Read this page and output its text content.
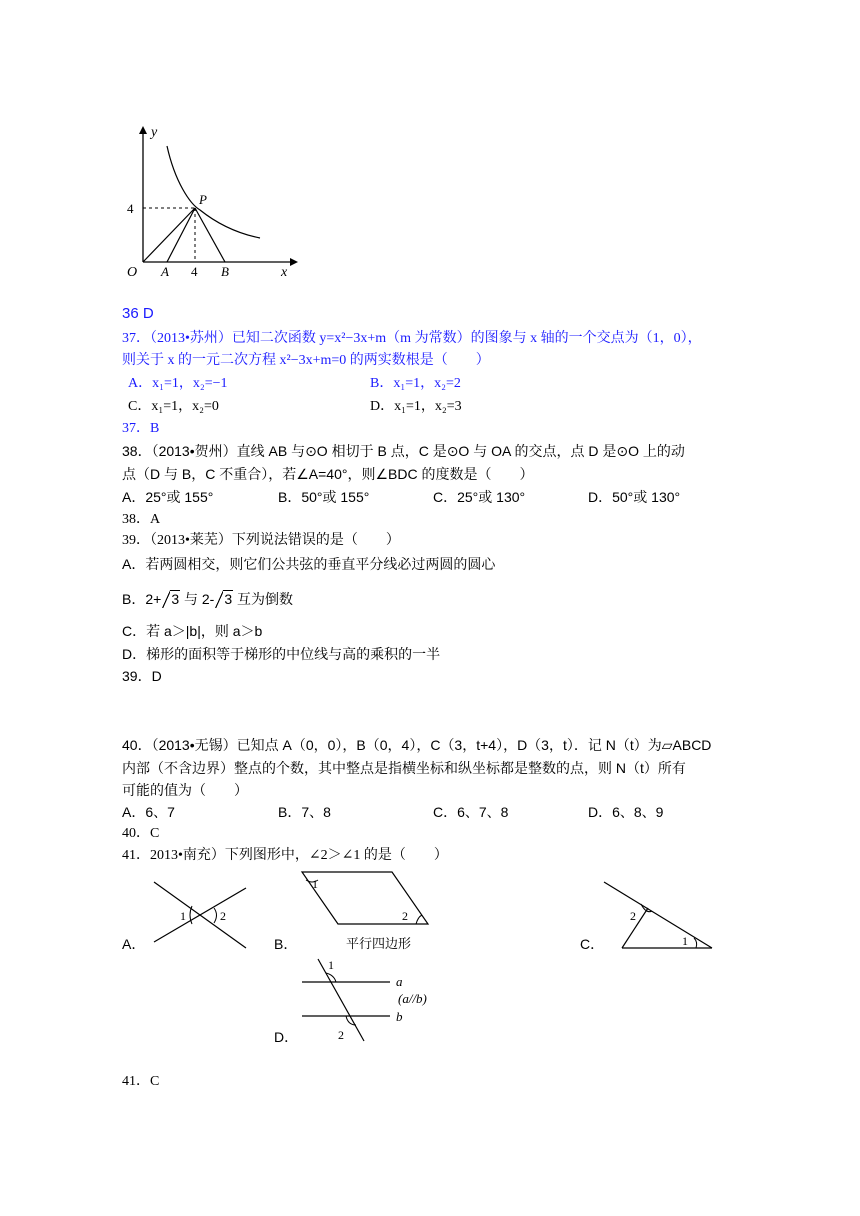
y
x
O
4
A 4 B
P
36 D
37．（2013•苏州）已知二次函数 y=x²−3x+m（m 为常数）的图象与 x 轴的一个交点为（1，0），
则关于 x 的一元二次方程 x²−3x+m=0 的两实数根是（　　）
A．x₁=1，x₂=−1	B．x₁=1，x₂=2
C．x₁=1，x₂=0	D．x₁=1，x₂=3
37．B
38．（2013•贺州）直线 AB 与⊙O 相切于 B 点，C 是⊙O 与 OA 的交点，点 D 是⊙O 上的动
点（D 与 B，C 不重合），若∠A=40°，则∠BDC 的度数是（　　）
A．25°或 155°	B．50°或 155°	C．25°或 130°	D．50°或 130°
38．A
39．（2013•莱芜）下列说法错误的是（　　）
A．若两圆相交，则它们公共弦的垂直平分线必过两圆的圆心
B．2+ 3 与 2- 3 互为倒数
C．若 a＞|b|，则 a＞b
D．梯形的面积等于梯形的中位线与高的乘积的一半
39．D
40．（2013•无锡）已知点 A（0，0），B（0，4），C（3，t+4），D（3，t）．记 N（t）为▱ABCD
内部（不含边界）整点的个数，其中整点是指横坐标和纵坐标都是整数的点，则 N（t）所有
可能的值为（　　）
A．6、7	B．7、8	C．6、7、8	D．6、8、9
40．C
41．2013•南充）下列图形中，∠2＞∠1 的是（　　）
A．
1	2
B．
1
2
平行四边形	C．
2
1
D．
1
2
a
b
(a//b)
41．C
